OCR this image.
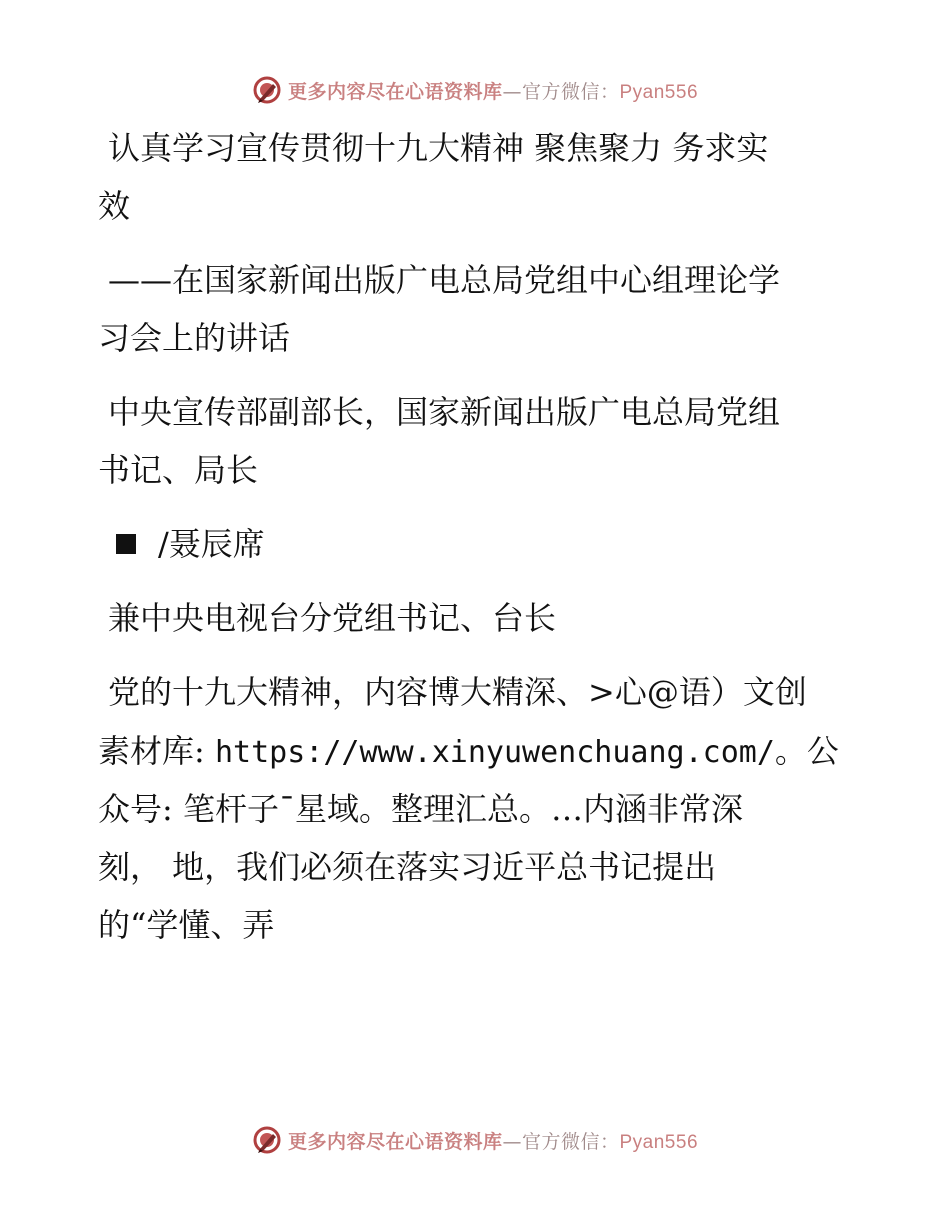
更多内容尽在心语资料库—官方微信：Pyan556
认真学习宣传贯彻十九大精神 聚焦聚力 务求实
效
——在国家新闻出版广电总局党组中心组理论学
习会上的讲话
中央宣传部副部长，国家新闻出版广电总局党组
书记、局长
/聂辰席
兼中央电视台分党组书记、台长
党的十九大精神，内容博大精深、>心@语）文创
素材库: https://www.xinyuwenchuang.com/。公
众号: 笔杆子¯星域。整理汇总。…内涵非常深
刻， 地，我们必须在落实习近平总书记提出
的“学懂、弄
更多内容尽在心语资料库—官方微信：Pyan556
